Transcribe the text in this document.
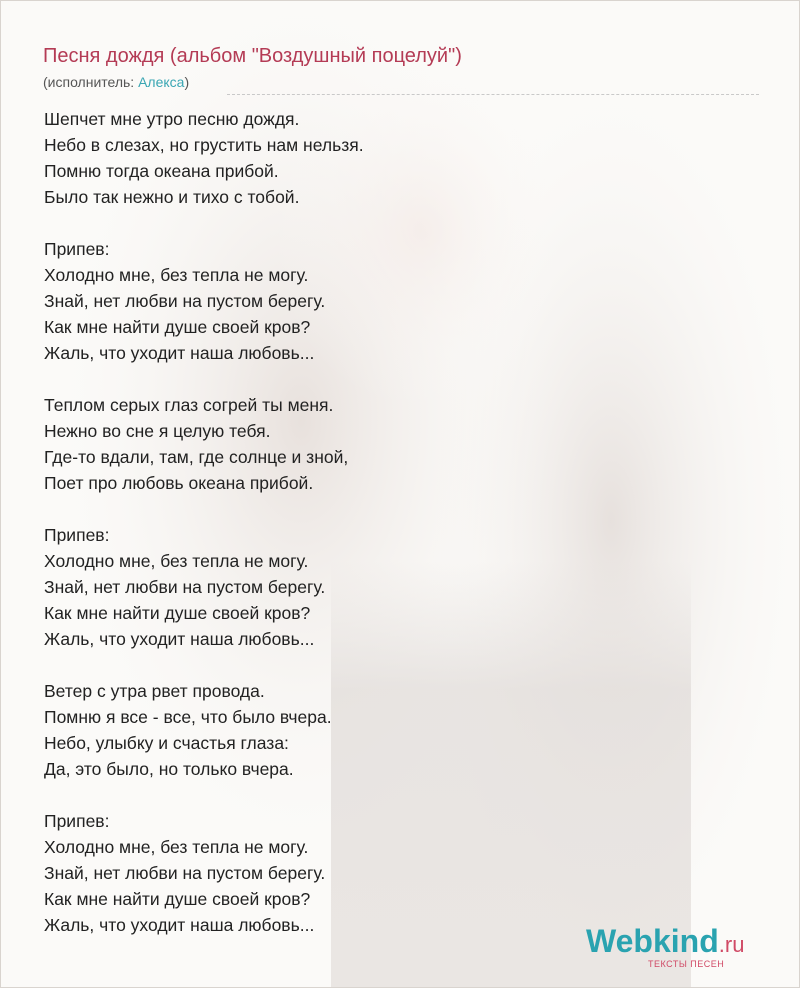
Песня дождя (альбом "Воздушный поцелуй")
(исполнитель: Алекса)
Шепчет мне утро песню дождя.
Небо в слезах, но грустить нам нельзя.
Помню тогда океана прибой.
Было так нежно и тихо с тобой.
Припев:
Холодно мне, без тепла не могу.
Знай, нет любви на пустом берегу.
Как мне найти душе своей кров?
Жаль, что уходит наша любовь...
Теплом серых глаз согрей ты меня.
Нежно во сне я целую тебя.
Где-то вдали, там, где солнце и зной,
Поет про любовь океана прибой.
Припев:
Холодно мне, без тепла не могу.
Знай, нет любви на пустом берегу.
Как мне найти душе своей кров?
Жаль, что уходит наша любовь...
Ветер с утра рвет провода.
Помню я все - все, что было вчера.
Небо, улыбку и счастья глаза:
Да, это было, но только вчера.
Припев:
Холодно мне, без тепла не могу.
Знай, нет любви на пустом берегу.
Как мне найти душе своей кров?
Жаль, что уходит наша любовь...	Webkind.ru
ТЕКСТЫ ПЕСЕН
